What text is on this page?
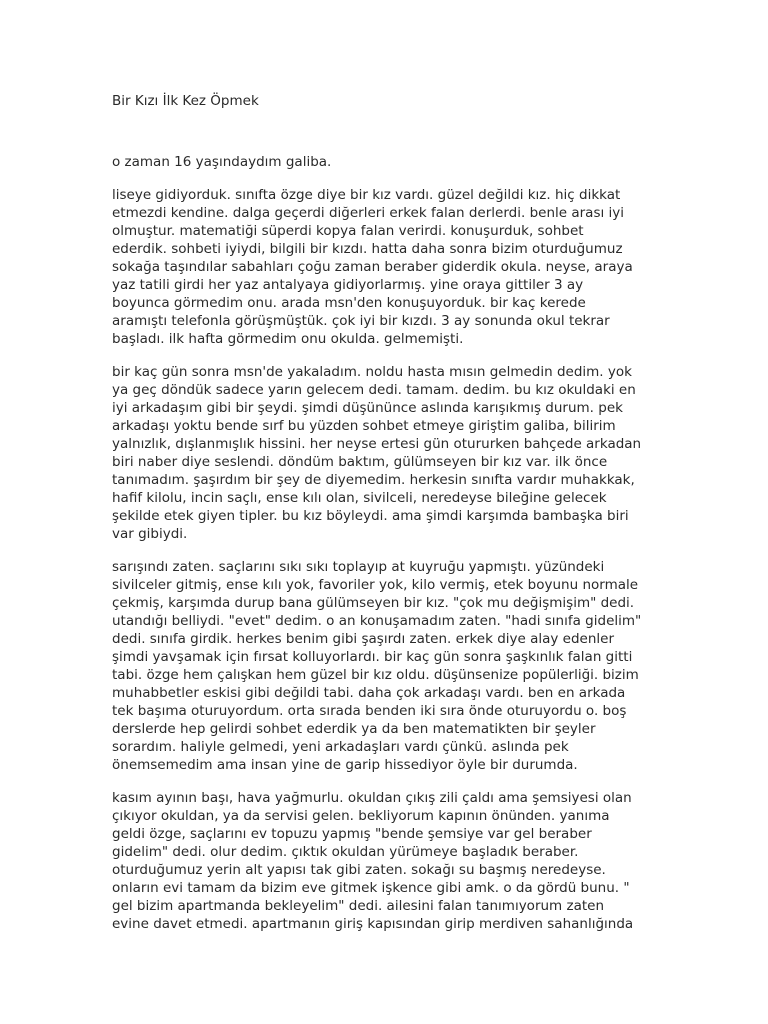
Bir Kızı İlk Kez Öpmek

o zaman 16 yaşındaydım galiba.

liseye gidiyorduk. sınıfta özge diye bir kız vardı. güzel değildi kız. hiç dikkat
etmezdi kendine. dalga geçerdi diğerleri erkek falan derlerdi. benle arası iyi
olmuştur. matematiği süperdi kopya falan verirdi. konuşurduk, sohbet
ederdik. sohbeti iyiydi, bilgili bir kızdı. hatta daha sonra bizim oturduğumuz
sokağa taşındılar sabahları çoğu zaman beraber giderdik okula. neyse, araya
yaz tatili girdi her yaz antalyaya gidiyorlarmış. yine oraya gittiler 3 ay
boyunca görmedim onu. arada msn'den konuşuyorduk. bir kaç kerede
aramıştı telefonla görüşmüştük. çok iyi bir kızdı. 3 ay sonunda okul tekrar
başladı. ilk hafta görmedim onu okulda. gelmemişti.

bir kaç gün sonra msn'de yakaladım. noldu hasta mısın gelmedin dedim. yok
ya geç döndük sadece yarın gelecem dedi. tamam. dedim. bu kız okuldaki en
iyi arkadaşım gibi bir şeydi. şimdi düşününce aslında karışıkmış durum. pek
arkadaşı yoktu bende sırf bu yüzden sohbet etmeye giriştim galiba, bilirim
yalnızlık, dışlanmışlık hissini. her neyse ertesi gün otururken bahçede arkadan
biri naber diye seslendi. döndüm baktım, gülümseyen bir kız var. ilk önce
tanımadım. şaşırdım bir şey de diyemedim. herkesin sınıfta vardır muhakkak,
hafif kilolu, incin saçlı, ense kılı olan, sivilceli, neredeyse bileğine gelecek
şekilde etek giyen tipler. bu kız böyleydi. ama şimdi karşımda bambaşka biri
var gibiydi.

sarışındı zaten. saçlarını sıkı sıkı toplayıp at kuyruğu yapmıştı. yüzündeki
sivilceler gitmiş, ense kılı yok, favoriler yok, kilo vermiş, etek boyunu normale
çekmiş, karşımda durup bana gülümseyen bir kız. "çok mu değişmişim" dedi.
utandığı belliydi. "evet" dedim. o an konuşamadım zaten. "hadi sınıfa gidelim"
dedi. sınıfa girdik. herkes benim gibi şaşırdı zaten. erkek diye alay edenler
şimdi yavşamak için fırsat kolluyorlardı. bir kaç gün sonra şaşkınlık falan gitti
tabi. özge hem çalışkan hem güzel bir kız oldu. düşünsenize popülerliği. bizim
muhabbetler eskisi gibi değildi tabi. daha çok arkadaşı vardı. ben en arkada
tek başıma oturuyordum. orta sırada benden iki sıra önde oturuyordu o. boş
derslerde hep gelirdi sohbet ederdik ya da ben matematikten bir şeyler
sorardım. haliyle gelmedi, yeni arkadaşları vardı çünkü. aslında pek
önemsemedim ama insan yine de garip hissediyor öyle bir durumda.

kasım ayının başı, hava yağmurlu. okuldan çıkış zili çaldı ama şemsiyesi olan
çıkıyor okuldan, ya da servisi gelen. bekliyorum kapının önünden. yanıma
geldi özge, saçlarını ev topuzu yapmış "bende şemsiye var gel beraber
gidelim" dedi. olur dedim. çıktık okuldan yürümeye başladık beraber.
oturduğumuz yerin alt yapısı tak gibi zaten. sokağı su başmış neredeyse.
onların evi tamam da bizim eve gitmek işkence gibi amk. o da gördü bunu. "
gel bizim apartmanda bekleyelim" dedi. ailesini falan tanımıyorum zaten
evine davet etmedi. apartmanın giriş kapısından girip merdiven sahanlığında
